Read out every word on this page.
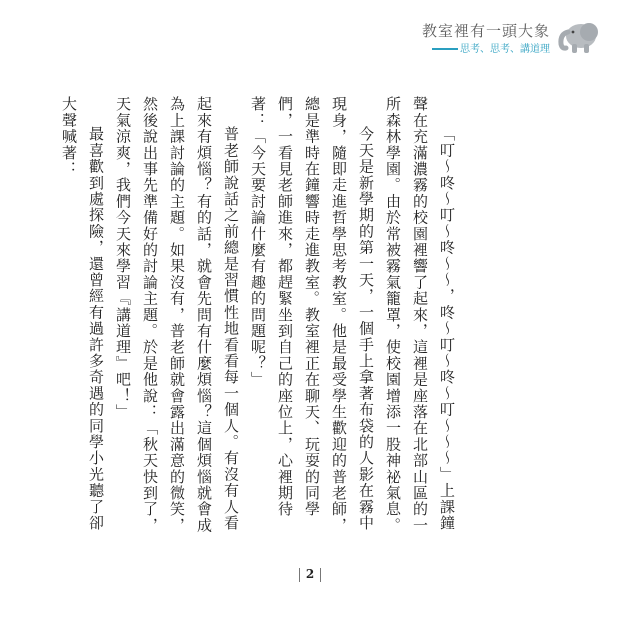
教室裡有一頭大象
思考、思考、講道理

「叮～咚～叮～咚～～，咚～叮～咚～叮～～～」上課鐘聲在充滿濃霧的校園裡響了起來，這裡是座落在北部山區的一所森林學園。由於常被霧氣籠罩，使校園增添一股神祕氣息。

今天是新學期的第一天，一個手上拿著布袋的人影在霧中現身，隨即走進哲學思考教室。他是最受學生歡迎的普老師，總是準時在鐘響時走進教室。教室裡正在聊天、玩耍的同學們，一看見老師進來，都趕緊坐到自己的座位上，心裡期待著：「今天要討論什麼有趣的問題呢？」

普老師說話之前總是習慣性地看看每一個人。有沒有人看起來有煩惱？有的話，就會先問有什麼煩惱？這個煩惱就會成為上課討論的主題。如果沒有，普老師就會露出滿意的微笑，然後說出事先準備好的討論主題。於是他說：「秋天快到了，天氣涼爽，我們今天來學習『講道理』吧！」

最喜歡到處探險，還曾經有過許多奇遇的同學小光聽了卻大聲喊著：

2
